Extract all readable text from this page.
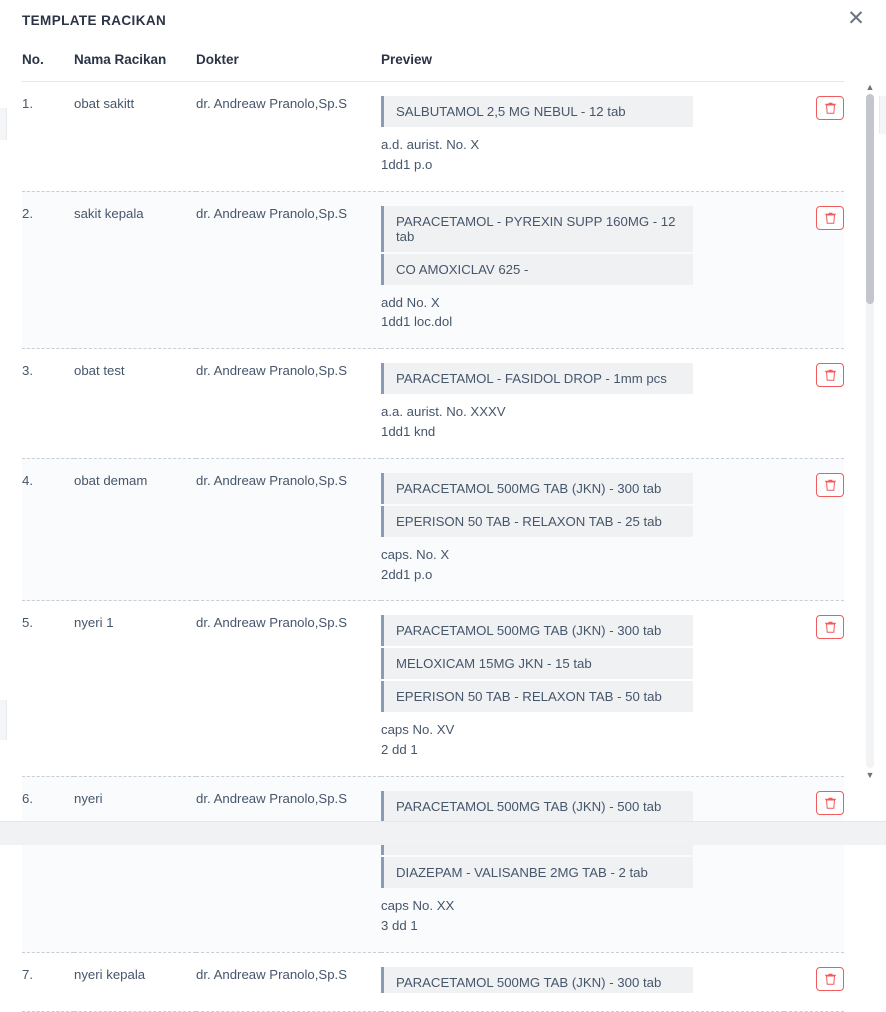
TEMPLATE RACIKAN	✕
No.	Nama Racikan	Dokter	Preview	
1.	obat sakitt	dr. Andreaw Pranolo,Sp.S	SALBUTAMOL 2,5 MG NEBUL - 12 tab
a.d. aurist. No. X
1dd1 p.o

2.	sakit kepala	dr. Andreaw Pranolo,Sp.S	PARACETAMOL - PYREXIN SUPP 160MG - 12 tab
CO AMOXICLAV 625 -
add No. X
1dd1 loc.dol

3.	obat test	dr. Andreaw Pranolo,Sp.S	PARACETAMOL - FASIDOL DROP - 1mm pcs
a.a. aurist. No. XXXV
1dd1 knd

4.	obat demam	dr. Andreaw Pranolo,Sp.S	PARACETAMOL 500MG TAB (JKN) - 300 tab
EPERISON 50 TAB - RELAXON TAB - 25 tab
caps. No. X
2dd1 p.o

5.	nyeri 1	dr. Andreaw Pranolo,Sp.S	PARACETAMOL 500MG TAB (JKN) - 300 tab
MELOXICAM 15MG JKN - 15 tab
EPERISON 50 TAB - RELAXON TAB - 50 tab
caps No. XV
2 dd 1

6.	nyeri	dr. Andreaw Pranolo,Sp.S	PARACETAMOL 500MG TAB (JKN) - 500 tab
DIAZEPAM - VALISANBE 2MG TAB - 2 tab
caps No. XX
3 dd 1

7.	nyeri kepala	dr. Andreaw Pranolo,Sp.S	PARACETAMOL 500MG TAB (JKN) - 300 tab

▲
▼
